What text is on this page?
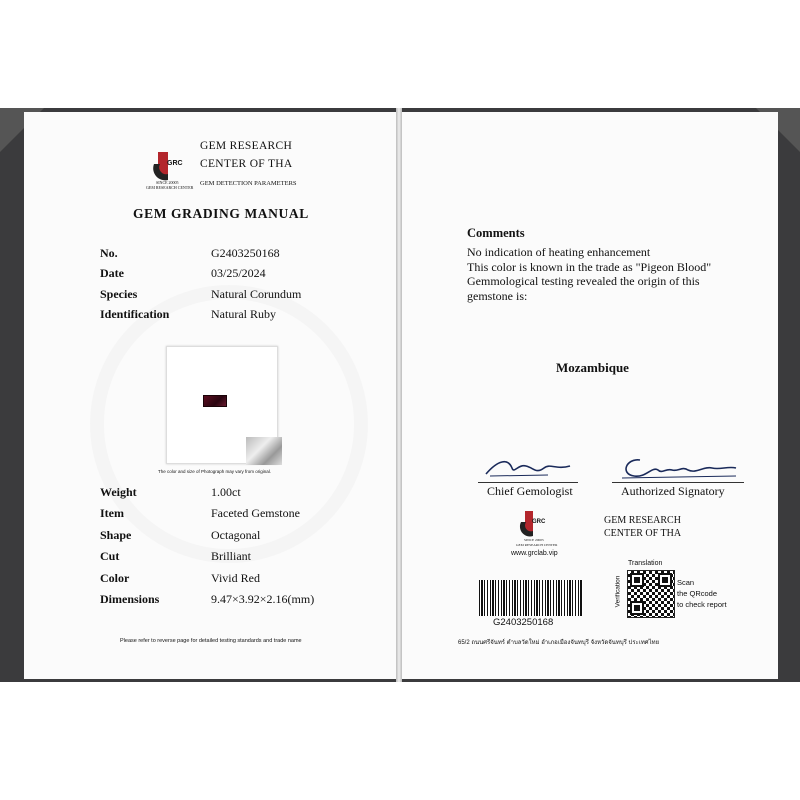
GRC
SINCE 20005
GEM RESEARCH CENTER
GEM RESEARCH
CENTER OF THA
GEM DETECTION PARAMETERS
GEM GRADING MANUAL
No.	G2403250168
Date	03/25/2024
Species	Natural Corundum
Identification	Natural Ruby
The color and size of Photograph may vary from original.
Weight	1.00ct
Item	Faceted Gemstone
Shape	Octagonal
Cut	Brilliant
Color	Vivid Red
Dimensions	9.47×3.92×2.16(mm)
Please refer to reverse page for detailed testing standards and trade name
Comments
No indication of heating enhancement
This color is known in the trade as "Pigeon Blood"
Gemmological testing revealed the origin of this
gemstone is:
Mozambique
Chief Gemologist	Authorized Signatory
GRC
SINCE 20005
GEM RESEARCH CENTER
www.grclab.vip
GEM RESEARCH
CENTER OF THA
G2403250168
Translation
Verification	Scan
the QRcode
to check report
65/2 ถนนศรีจันทร์ ตำบลวัดใหม่ อำเภอเมืองจันทบุรี จังหวัดจันทบุรี ประเทศไทย
